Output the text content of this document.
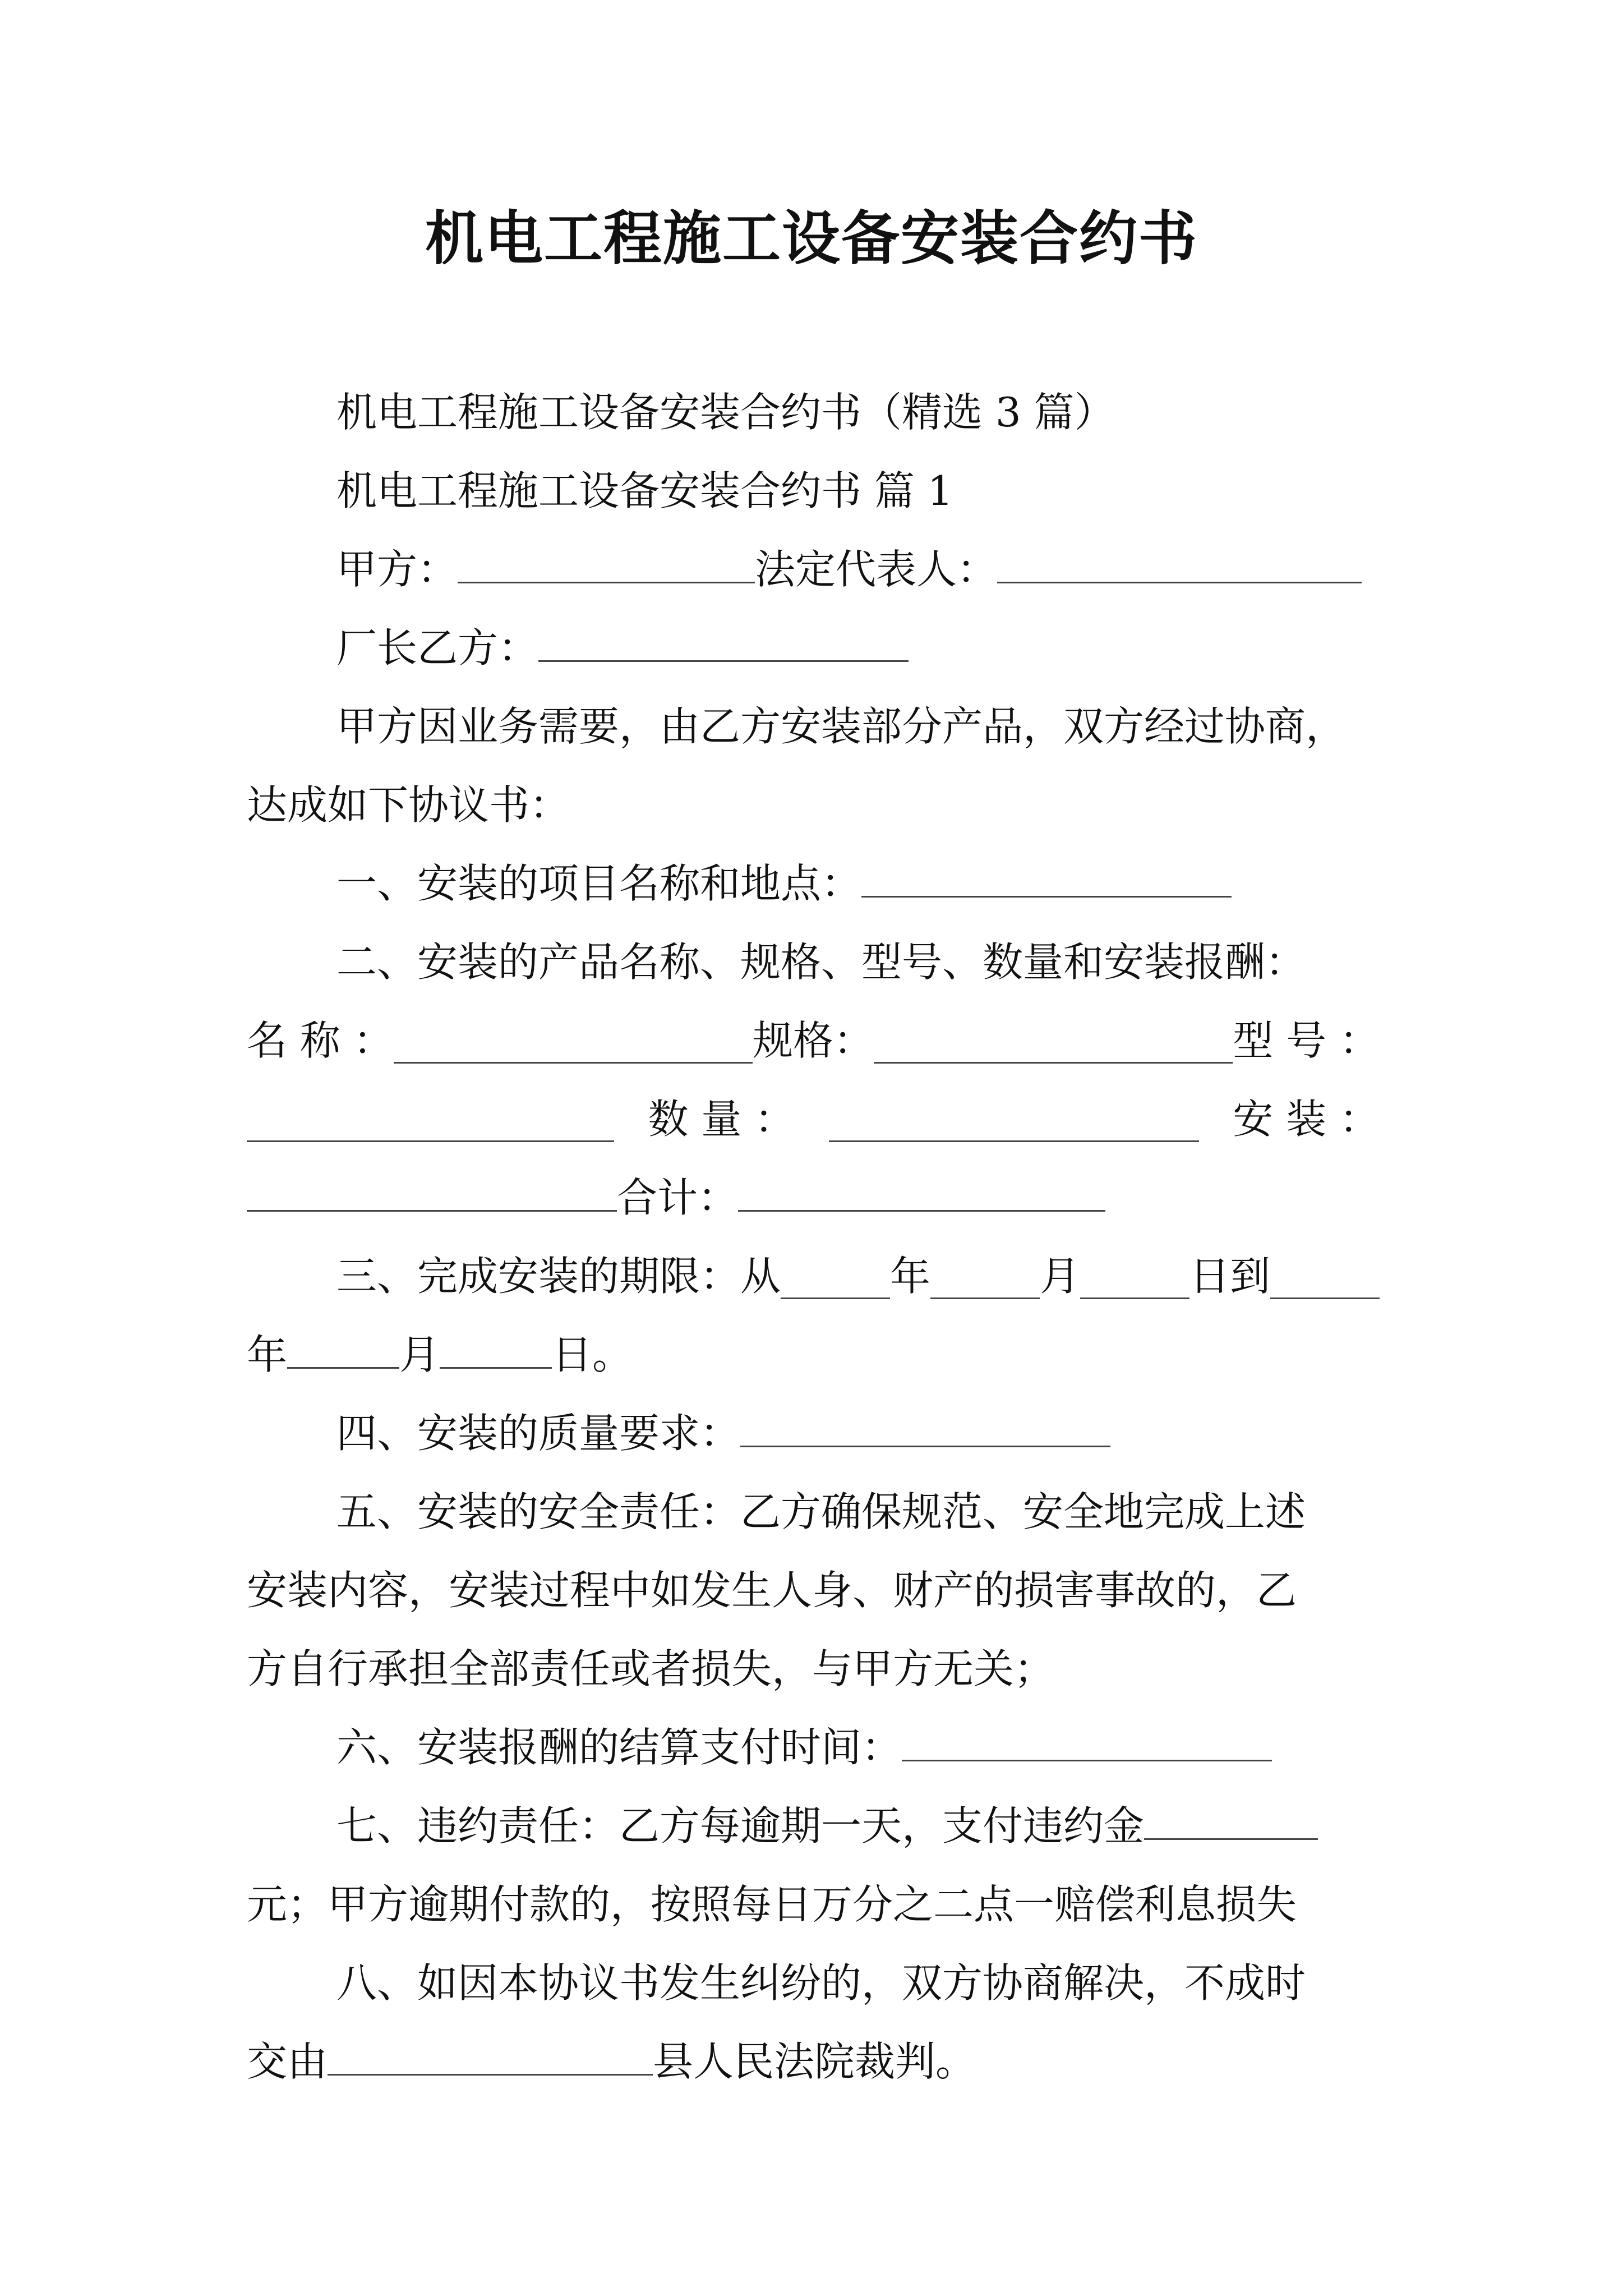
机电工程施工设备安装合约书
机电工程施工设备安装合约书（精选 3 篇）
机电工程施工设备安装合约书 篇 1
甲方：	法定代表人：
厂长乙方：
甲方因业务需要，由乙方安装部分产品，双方经过协商，
达成如下协议书：
一、安装的项目名称和地点：
二、安装的产品名称、规格、型号、数量和安装报酬：
名 称 ：	规格：	型 号 ：
数 量 ：	安 装 ：
合计：
三、完成安装的期限：从	年	月	日到
年	月	日。
四、安装的质量要求：
五、安装的安全责任：乙方确保规范、安全地完成上述
安装内容，安装过程中如发生人身、财产的损害事故的，乙
方自行承担全部责任或者损失，与甲方无关；
六、安装报酬的结算支付时间：
七、违约责任：乙方每逾期一天，支付违约金
元；甲方逾期付款的，按照每日万分之二点一赔偿利息损失
八、如因本协议书发生纠纷的，双方协商解决，不成时
交由	县人民法院裁判。
